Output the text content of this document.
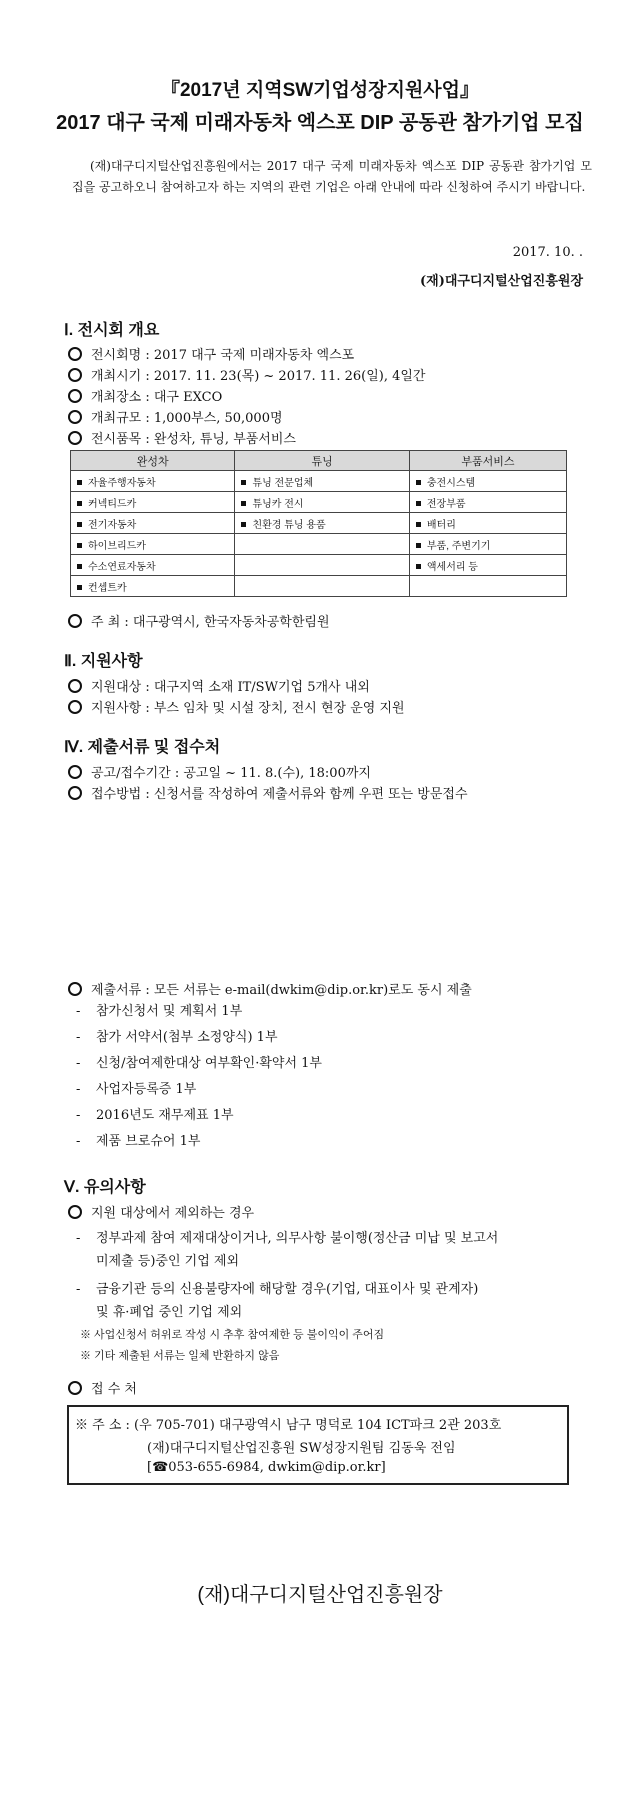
『2017년 지역SW기업성장지원사업』
2017 대구 국제 미래자동차 엑스포 DIP 공동관 참가기업 모집
(재)대구디지털산업진흥원에서는 2017 대구 국제 미래자동차 엑스포 DIP 공동관 참가기업 모집을 공고하오니 참여하고자 하는 지역의 관련 기업은 아래 안내에 따라 신청하여 주시기 바랍니다.
2017. 10. .
(재)대구디지털산업진흥원장
Ⅰ. 전시회 개요
전시회명 : 2017 대구 국제 미래자동차 엑스포
개최시기 : 2017. 11. 23(목) ~ 2017. 11. 26(일), 4일간
개최장소 : 대구 EXCO
개최규모 : 1,000부스, 50,000명
전시품목 : 완성차, 튜닝, 부품서비스
완성차	튜닝	부품서비스
자율주행자동차	튜닝 전문업체	충전시스템
커넥티드카	튜닝카 전시	전장부품
전기자동차	친환경 튜닝 용품	배터리
하이브리드카		부품, 주변기기
수소연료자동차		액세서리 등
컨셉트카		
주 최 : 대구광역시, 한국자동차공학한림원
Ⅱ. 지원사항
지원대상 : 대구지역 소재 IT/SW기업 5개사 내외
지원사항 : 부스 임차 및 시설 장치, 전시 현장 운영 지원
Ⅳ. 제출서류 및 접수처
공고/접수기간 : 공고일 ~ 11. 8.(수), 18:00까지
접수방법 : 신청서를 작성하여 제출서류와 함께 우편 또는 방문접수
제출서류 : 모든 서류는 e-mail(dwkim@dip.or.kr)로도 동시 제출
- 참가신청서 및 계획서 1부
- 참가 서약서(첨부 소정양식) 1부
- 신청/참여제한대상 여부확인·확약서 1부
- 사업자등록증 1부
- 2016년도 재무제표 1부
- 제품 브로슈어 1부
Ⅴ. 유의사항
지원 대상에서 제외하는 경우
- 정부과제 참여 제재대상이거나, 의무사항 불이행(정산금 미납 및 보고서
미제출 등)중인 기업 제외
- 금융기관 등의 신용불량자에 해당할 경우(기업, 대표이사 및 관계자)
및 휴·폐업 중인 기업 제외
※ 사업신청서 허위로 작성 시 추후 참여제한 등 불이익이 주어짐
※ 기타 제출된 서류는 일체 반환하지 않음
접 수 처
※ 주 소 : (우 705-701) 대구광역시 남구 명덕로 104 ICT파크 2관 203호
(재)대구디지털산업진흥원 SW성장지원팀 김동욱 전임
[☎053-655-6984, dwkim@dip.or.kr]
(재)대구디지털산업진흥원장
